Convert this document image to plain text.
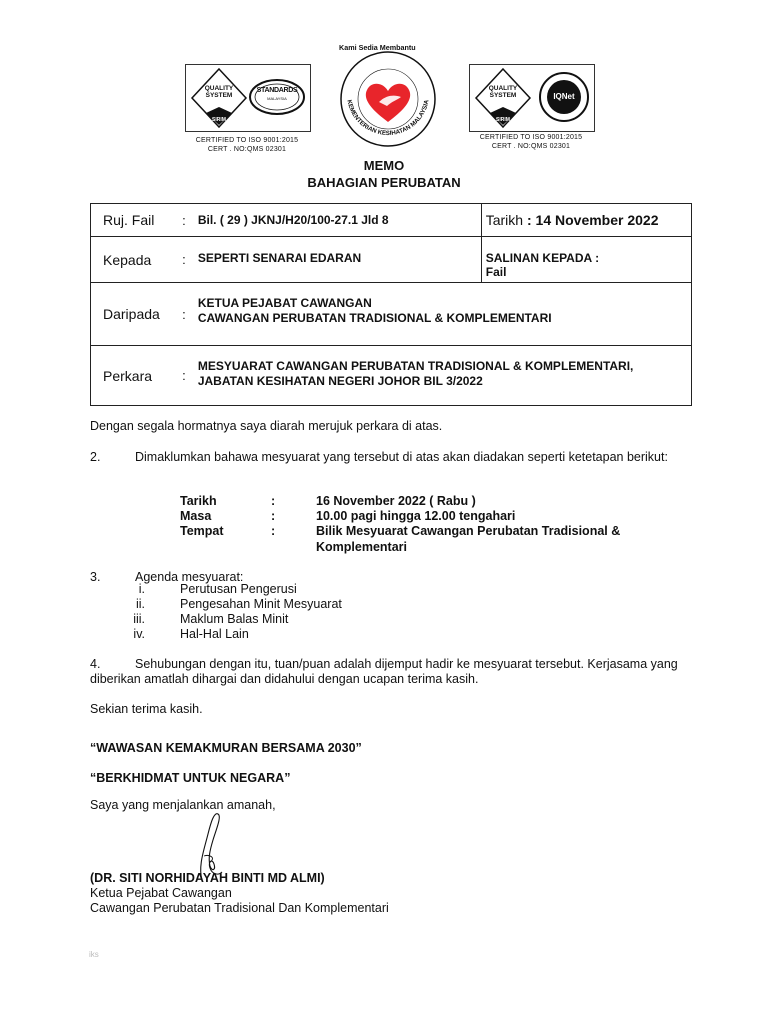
QUALITY SYSTEM
SIRIM
STANDARDS
MALAYSIA
CERTIFIED TO ISO 9001:2015
CERT . NO:QMS 02301
Kami Sedia Membantu
KEMENTERIAN KESIHATAN MALAYSIA
QUALITY SYSTEM
SIRIM
IQNet
CERTIFIED TO ISO 9001:2015
CERT . NO:QMS 02301
MEMO
BAHAGIAN PERUBATAN
Ruj. Fail	:	Bil. ( 29 ) JKNJ/H20/100-27.1 Jld 8	Tarikh : 14 November 2022
Kepada	:	SEPERTI SENARAI EDARAN	SALINAN KEPADA :
Fail

Daripada	:	KETUA PEJABAT CAWANGAN
CAWANGAN PERUBATAN TRADISIONAL & KOMPLEMENTARI	

Perkara	:	MESYUARAT CAWANGAN PERUBATAN TRADISIONAL & KOMPLEMENTARI,
JABATAN KESIHATAN NEGERI JOHOR BIL 3/2022	
Dengan segala hormatnya saya diarah merujuk perkara di atas.
2.	Dimaklumkan bahawa mesyuarat yang tersebut di atas akan diadakan seperti ketetapan berikut:
Tarikh	:	16 November 2022 ( Rabu )
Masa	:	10.00 pagi hingga 12.00 tengahari
Tempat	:	Bilik Mesyuarat Cawangan Perubatan Tradisional &
Komplementari
3.	Agenda mesyuarat:
i.	Perutusan Pengerusi
ii.	Pengesahan Minit Mesyuarat
iii.	Maklum Balas Minit
iv.	Hal-Hal Lain
4.	Sehubungan dengan itu, tuan/puan adalah dijemput hadir ke mesyuarat tersebut. Kerjasama yang
diberikan amatlah dihargai dan didahului dengan ucapan terima kasih.
Sekian terima kasih.
“WAWASAN KEMAKMURAN BERSAMA 2030”
“BERKHIDMAT UNTUK NEGARA”
Saya yang menjalankan amanah,
(DR. SITI NORHIDAYAH BINTI MD ALMI)
Ketua Pejabat Cawangan
Cawangan Perubatan Tradisional Dan Komplementari
iks
